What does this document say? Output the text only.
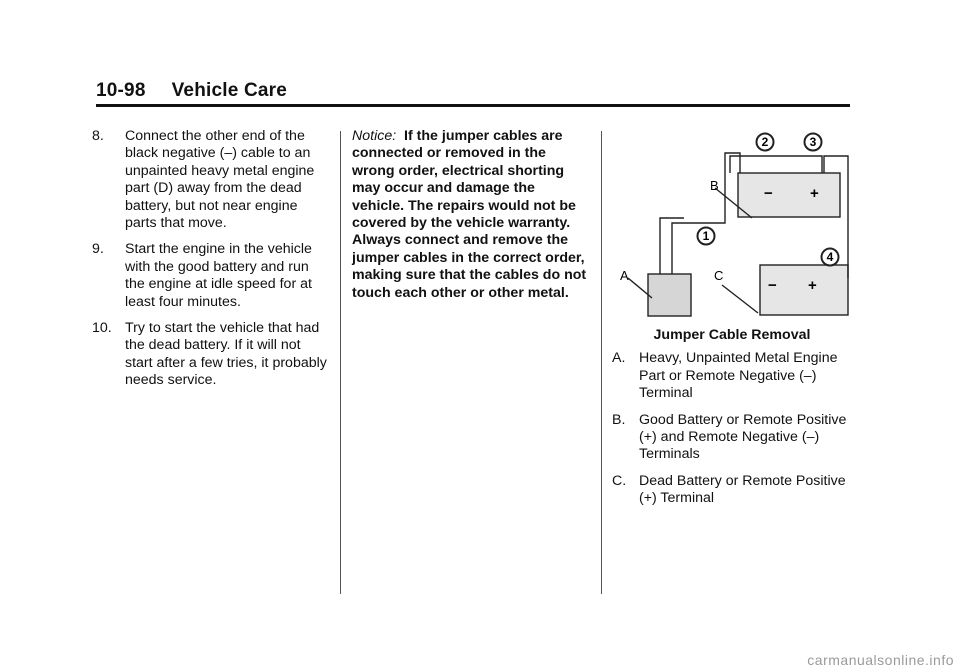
10-98 Vehicle Care
8. Connect the other end of the black negative (–) cable to an unpainted heavy metal engine part (D) away from the dead battery, but not near engine parts that move.
9. Start the engine in the vehicle with the good battery and run the engine at idle speed for at least four minutes.
10. Try to start the vehicle that had the dead battery. If it will not start after a few tries, it probably needs service.
Notice: If the jumper cables are connected or removed in the wrong order, electrical shorting may occur and damage the vehicle. The repairs would not be covered by the vehicle warranty. Always connect and remove the jumper cables in the correct order, making sure that the cables do not touch each other or other metal.
− +
− +
B
A	C
1
2	3
4
Jumper Cable Removal
A. Heavy, Unpainted Metal Engine Part or Remote Negative (–) Terminal
B. Good Battery or Remote Positive (+) and Remote Negative (–) Terminals
C. Dead Battery or Remote Positive (+) Terminal
carmanualsonline.info
